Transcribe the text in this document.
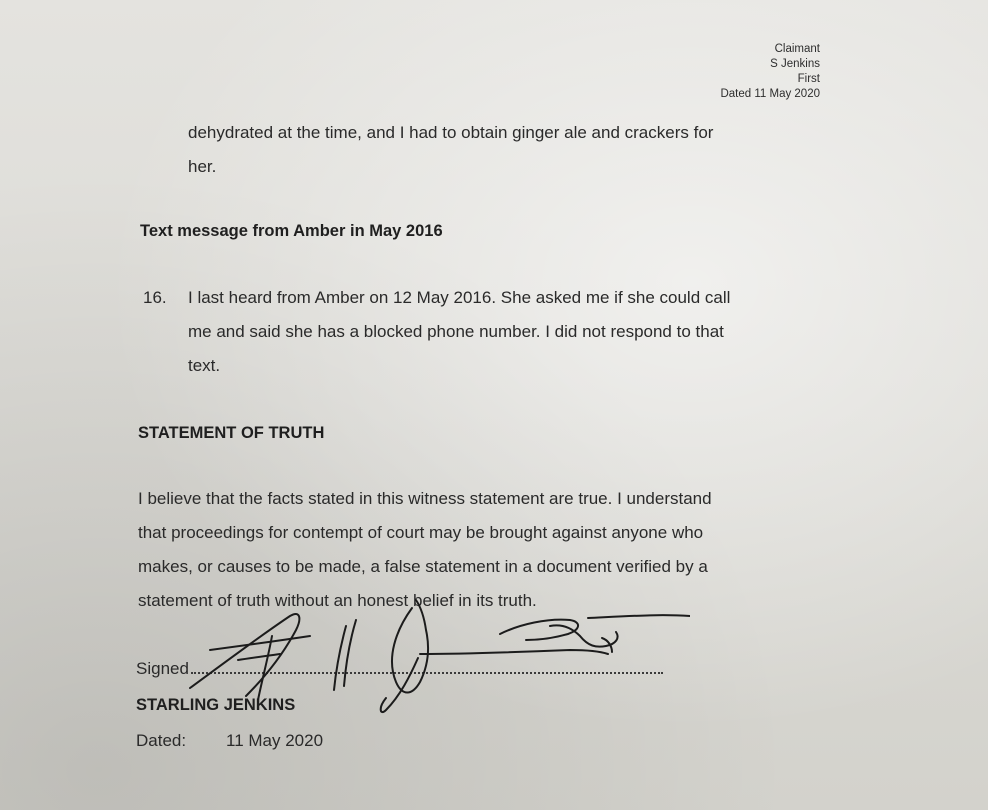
Claimant
S Jenkins
First
Dated 11 May 2020
dehydrated at the time, and I had to obtain ginger ale and crackers for
her.
Text message from Amber in May 2016
16. I last heard from Amber on 12 May 2016. She asked me if she could call
me and said she has a blocked phone number. I did not respond to that
text.
STATEMENT OF TRUTH
I believe that the facts stated in this witness statement are true. I understand
that proceedings for contempt of court may be brought against anyone who
makes, or causes to be made, a false statement in a document verified by a
statement of truth without an honest belief in its truth.
Signed
STARLING JENKINS
Dated: 11 May 2020
